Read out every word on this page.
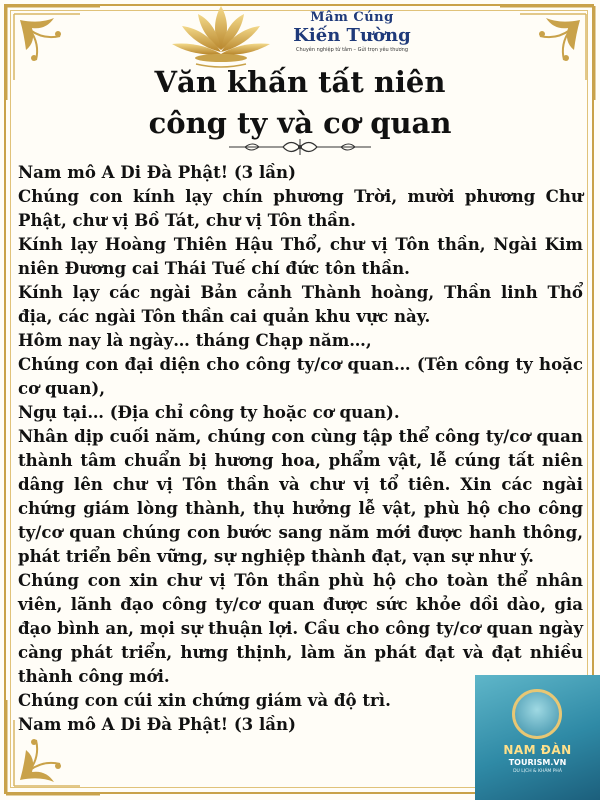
Mâm Cúng
Kiến Tường
Chuyên nghiệp từ tâm – Gửi trọn yêu thương
Văn khấn tất niên
công ty và cơ quan

Nam mô A Di Đà Phật! (3 lần)

Chúng con kính lạy chín phương Trời, mười phương Chư Phật, chư vị Bồ Tát, chư vị Tôn thần.

Kính lạy Hoàng Thiên Hậu Thổ, chư vị Tôn thần, Ngài Kim niên Đương cai Thái Tuế chí đức tôn thần.

Kính lạy các ngài Bản cảnh Thành hoàng, Thần linh Thổ địa, các ngài Tôn thần cai quản khu vực này.

Hôm nay là ngày… tháng Chạp năm…,

Chúng con đại diện cho công ty/cơ quan… (Tên công ty hoặc cơ quan),

Ngụ tại… (Địa chỉ công ty hoặc cơ quan).

Nhân dịp cuối năm, chúng con cùng tập thể công ty/cơ quan thành tâm chuẩn bị hương hoa, phẩm vật, lễ cúng tất niên dâng lên chư vị Tôn thần và chư vị tổ tiên. Xin các ngài chứng giám lòng thành, thụ hưởng lễ vật, phù hộ cho công ty/cơ quan chúng con bước sang năm mới được hanh thông, phát triển bền vững, sự nghiệp thành đạt, vạn sự như ý.

Chúng con xin chư vị Tôn thần phù hộ cho toàn thể nhân viên, lãnh đạo công ty/cơ quan được sức khỏe dồi dào, gia đạo bình an, mọi sự thuận lợi. Cầu cho công ty/cơ quan ngày càng phát triển, hưng thịnh, làm ăn phát đạt và đạt nhiều thành công mới.

Chúng con cúi xin chứng giám và độ trì.

Nam mô A Di Đà Phật! (3 lần)

NAM ĐÀN
TOURISM.VN
DU LỊCH & KHÁM PHÁ
